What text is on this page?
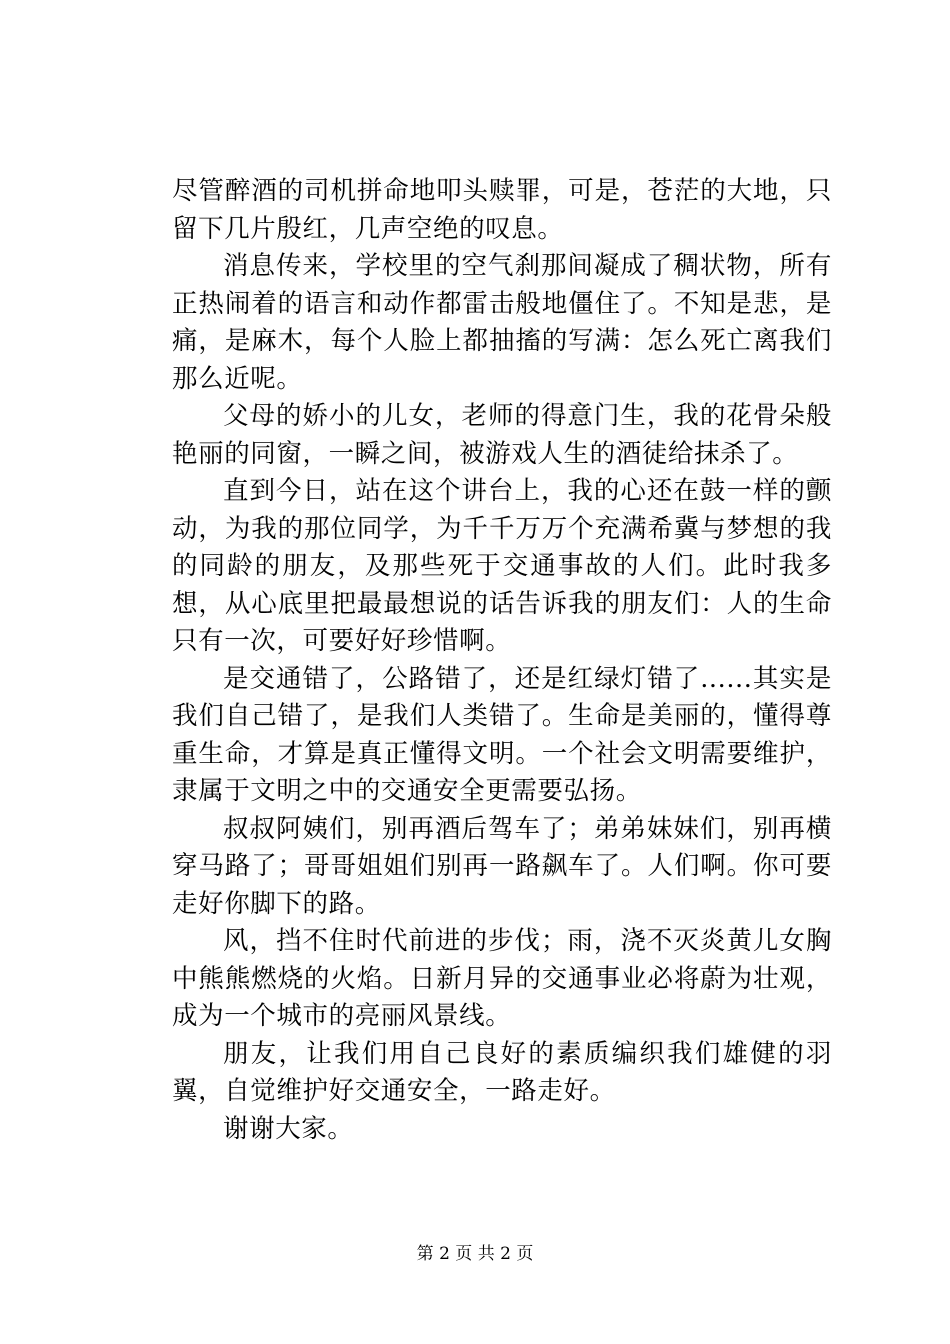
尽管醉酒的司机拼命地叩头赎罪，可是，苍茫的大地，只留下几片殷红，几声空绝的叹息。

消息传来，学校里的空气刹那间凝成了稠状物，所有正热闹着的语言和动作都雷击般地僵住了。不知是悲，是痛，是麻木，每个人脸上都抽搐的写满：怎么死亡离我们那么近呢。

父母的娇小的儿女，老师的得意门生，我的花骨朵般艳丽的同窗，一瞬之间，被游戏人生的酒徒给抹杀了。

直到今日，站在这个讲台上，我的心还在鼓一样的颤动，为我的那位同学，为千千万万个充满希冀与梦想的我的同龄的朋友，及那些死于交通事故的人们。此时我多想，从心底里把最最想说的话告诉我的朋友们：人的生命只有一次，可要好好珍惜啊。

是交通错了，公路错了，还是红绿灯错了......其实是我们自己错了，是我们人类错了。生命是美丽的，懂得尊重生命，才算是真正懂得文明。一个社会文明需要维护，隶属于文明之中的交通安全更需要弘扬。

叔叔阿姨们，别再酒后驾车了；弟弟妹妹们，别再横穿马路了；哥哥姐姐们别再一路飙车了。人们啊。你可要走好你脚下的路。

风，挡不住时代前进的步伐；雨，浇不灭炎黄儿女胸中熊熊燃烧的火焰。日新月异的交通事业必将蔚为壮观，成为一个城市的亮丽风景线。

朋友，让我们用自己良好的素质编织我们雄健的羽翼，自觉维护好交通安全，一路走好。

谢谢大家。

第 2 页 共 2 页
